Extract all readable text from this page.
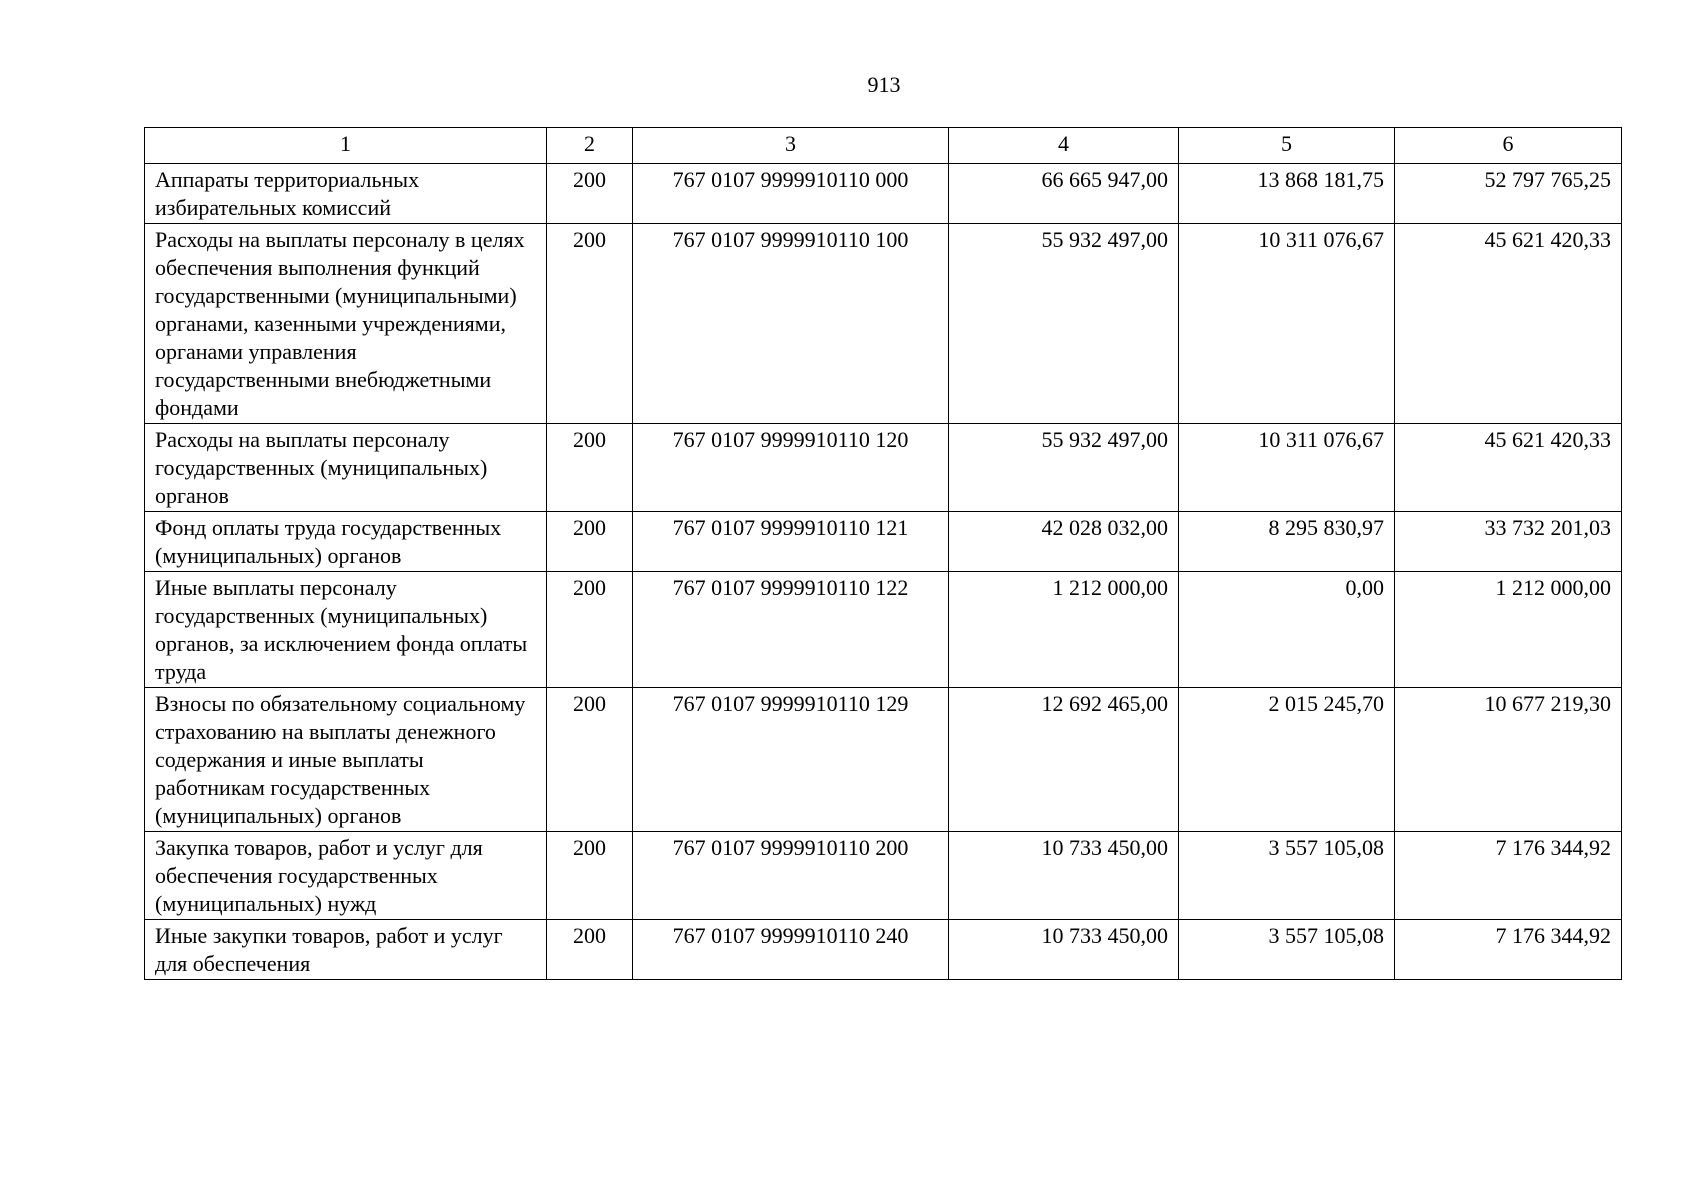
913
1	2	3	4	5	6
Аппараты территориальных избирательных комиссий	200	767 0107 9999910110 000	66 665 947,00	13 868 181,75	52 797 765,25
Расходы на выплаты персоналу в целях обеспечения выполнения функций государственными (муниципальными) органами, казенными учреждениями, органами управления государственными внебюджетными фондами	200	767 0107 9999910110 100	55 932 497,00	10 311 076,67	45 621 420,33
Расходы на выплаты персоналу государственных (муниципальных) органов	200	767 0107 9999910110 120	55 932 497,00	10 311 076,67	45 621 420,33
Фонд оплаты труда государственных (муниципальных) органов	200	767 0107 9999910110 121	42 028 032,00	8 295 830,97	33 732 201,03
Иные выплаты персоналу государственных (муниципальных) органов, за исключением фонда оплаты труда	200	767 0107 9999910110 122	1 212 000,00	0,00	1 212 000,00
Взносы по обязательному социальному страхованию на выплаты денежного содержания и иные выплаты работникам государственных (муниципальных) органов	200	767 0107 9999910110 129	12 692 465,00	2 015 245,70	10 677 219,30
Закупка товаров, работ и услуг для обеспечения государственных (муниципальных) нужд	200	767 0107 9999910110 200	10 733 450,00	3 557 105,08	7 176 344,92
Иные закупки товаров, работ и услуг для обеспечения	200	767 0107 9999910110 240	10 733 450,00	3 557 105,08	7 176 344,92
